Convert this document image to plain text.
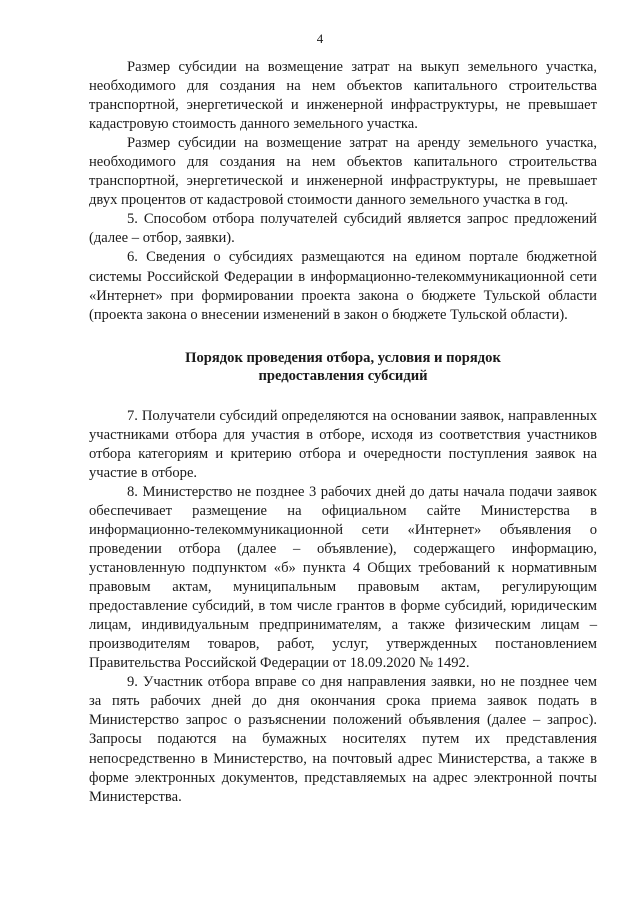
4

Размер субсидии на возмещение затрат на выкуп земельного участка, необходимого для создания на нем объектов капитального строительства транспортной, энергетической и инженерной инфраструктуры, не превышает кадастровую стоимость данного земельного участка.

Размер субсидии на возмещение затрат на аренду земельного участка, необходимого для создания на нем объектов капитального строительства транспортной, энергетической и инженерной инфраструктуры, не превышает двух процентов от кадастровой стоимости данного земельного участка в год.

5. Способом отбора получателей субсидий является запрос предложений (далее – отбор, заявки).

6. Сведения о субсидиях размещаются на едином портале бюджетной системы Российской Федерации в информационно-телекоммуникационной сети «Интернет» при формировании проекта закона о бюджете Тульской области (проекта закона о внесении изменений в закон о бюджете Тульской области).

Порядок проведения отбора, условия и порядок
предоставления субсидий

7. Получатели субсидий определяются на основании заявок, направленных участниками отбора для участия в отборе, исходя из соответствия участников отбора категориям и критерию отбора и очередности поступления заявок на участие в отборе.

8. Министерство не позднее 3 рабочих дней до даты начала подачи заявок обеспечивает размещение на официальном сайте Министерства в информационно-телекоммуникационной сети «Интернет» объявления о проведении отбора (далее – объявление), содержащего информацию, установленную подпунктом «б» пункта 4 Общих требований к нормативным правовым актам, муниципальным правовым актам, регулирующим предоставление субсидий, в том числе грантов в форме субсидий, юридическим лицам, индивидуальным предпринимателям, а также физическим лицам – производителям товаров, работ, услуг, утвержденных постановлением Правительства Российской Федерации от 18.09.2020 № 1492.

9. Участник отбора вправе со дня направления заявки, но не позднее чем за пять рабочих дней до дня окончания срока приема заявок подать в Министерство запрос о разъяснении положений объявления (далее – запрос). Запросы подаются на бумажных носителях путем их представления непосредственно в Министерство, на почтовый адрес Министерства, а также в форме электронных документов, представляемых на адрес электронной почты Министерства.
